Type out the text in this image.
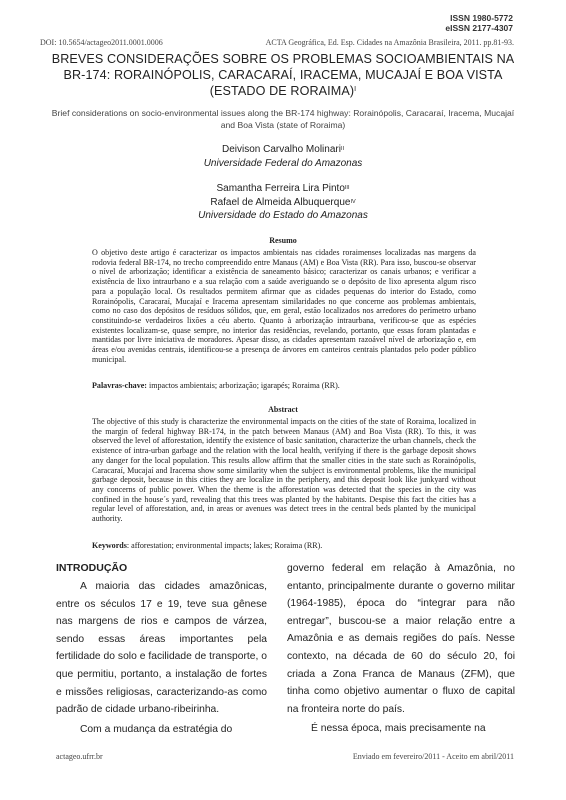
ISSN 1980-5772
eISSN 2177-4307
DOI: 10.5654/actageo2011.0001.0006	ACTA Geográfica, Ed. Esp. Cidades na Amazônia Brasileira, 2011. pp.81-93.
BREVES CONSIDERAÇÕES SOBRE OS PROBLEMAS SOCIOAMBIENTAIS NA BR-174: RORAINÓPOLIS, CARACARAÍ, IRACEMA, MUCAJAÍ E BOA VISTA (ESTADO DE RORAIMA)$^I$
Brief considerations on socio-environmental issues along the BR-174 highway: Rorainópolis, Caracaraí, Iracema, Mucajaí and Boa Vista (state of Roraima)
Deivison Carvalho Molinari$^{II}$
Universidade Federal do Amazonas
Samantha Ferreira Lira Pinto$^{III}$
Rafael de Almeida Albuquerque$^{IV}$
Universidade do Estado do Amazonas
Resumo

O objetivo deste artigo é caracterizar os impactos ambientais nas cidades roraimenses localizadas nas margens da rodovia federal BR-174, no trecho compreendido entre Manaus (AM) e Boa Vista (RR). Para isso, buscou-se observar o nível de arborização; identificar a existência de saneamento básico; caracterizar os canais urbanos; e verificar a existência de lixo intraurbano e a sua relação com a saúde averiguando se o depósito de lixo apresenta algum risco para a população local. Os resultados permitem afirmar que as cidades pequenas do interior do Estado, como Rorainópolis, Caracaraí, Mucajaí e Iracema apresentam similaridades no que concerne aos problemas ambientais, como no caso dos depósitos de resíduos sólidos, que, em geral, estão localizados nos arredores do perímetro urbano constituindo-se verdadeiros lixões a céu aberto. Quanto à arborização intraurbana, verificou-se que as espécies existentes localizam-se, quase sempre, no interior das residências, revelando, portanto, que essas foram plantadas e mantidas por livre iniciativa de moradores. Apesar disso, as cidades apresentam razoável nível de arborização e, em áreas e/ou avenidas centrais, identificou-se a presença de árvores em canteiros centrais plantados pelo poder público municipal.

Palavras-chave: impactos ambientais; arborização; igarapés; Roraima (RR).
Abstract

The objective of this study is characterize the environmental impacts on the cities of the state of Roraima, localized in the margin of federal highway BR-174, in the patch between Manaus (AM) and Boa Vista (RR). To this, it was observed the level of afforestation, identify the existence of basic sanitation, characterize the urban channels, check the existence of intra-urban garbage and the relation with the local health, verifying if there is the garbage deposit shows any danger for the local population. This results allow affirm that the smaller cities in the state such as Rorainópolis, Caracaraí, Mucajaí and Iracema show some similarity when the subject is environmental problems, like the municipal garbage deposit, because in this cities they are localize in the periphery, and this deposit look like junkyard without any concerns of public power. When the theme is the afforestation was detected that the species in the city was confined in the house´s yard, revealing that this trees was planted by the habitants. Despise this fact the cities has a regular level of afforestation, and, in areas or avenues was detect trees in the central beds planted by the municipal authority.

Keywords: afforestation; environmental impacts; lakes; Roraima (RR).
INTRODUÇÃO

A maioria das cidades amazônicas, entre os séculos 17 e 19, teve sua gênese nas margens de rios e campos de várzea, sendo essas áreas importantes pela fertilidade do solo e facilidade de transporte, o que permitiu, portanto, a instalação de fortes e missões religiosas, caracterizando-as como padrão de cidade urbano-ribeirinha.

Com a mudança da estratégia do

governo federal em relação à Amazônia, no entanto, principalmente durante o governo militar (1964-1985), época do “integrar para não entregar”, buscou-se a maior relação entre a Amazônia e as demais regiões do país. Nesse contexto, na década de 60 do século 20, foi criada a Zona Franca de Manaus (ZFM), que tinha como objetivo aumentar o fluxo de capital na fronteira norte do país.

É nessa época, mais precisamente na

actageo.ufrr.br	Enviado em fevereiro/2011 - Aceito em abril/2011
